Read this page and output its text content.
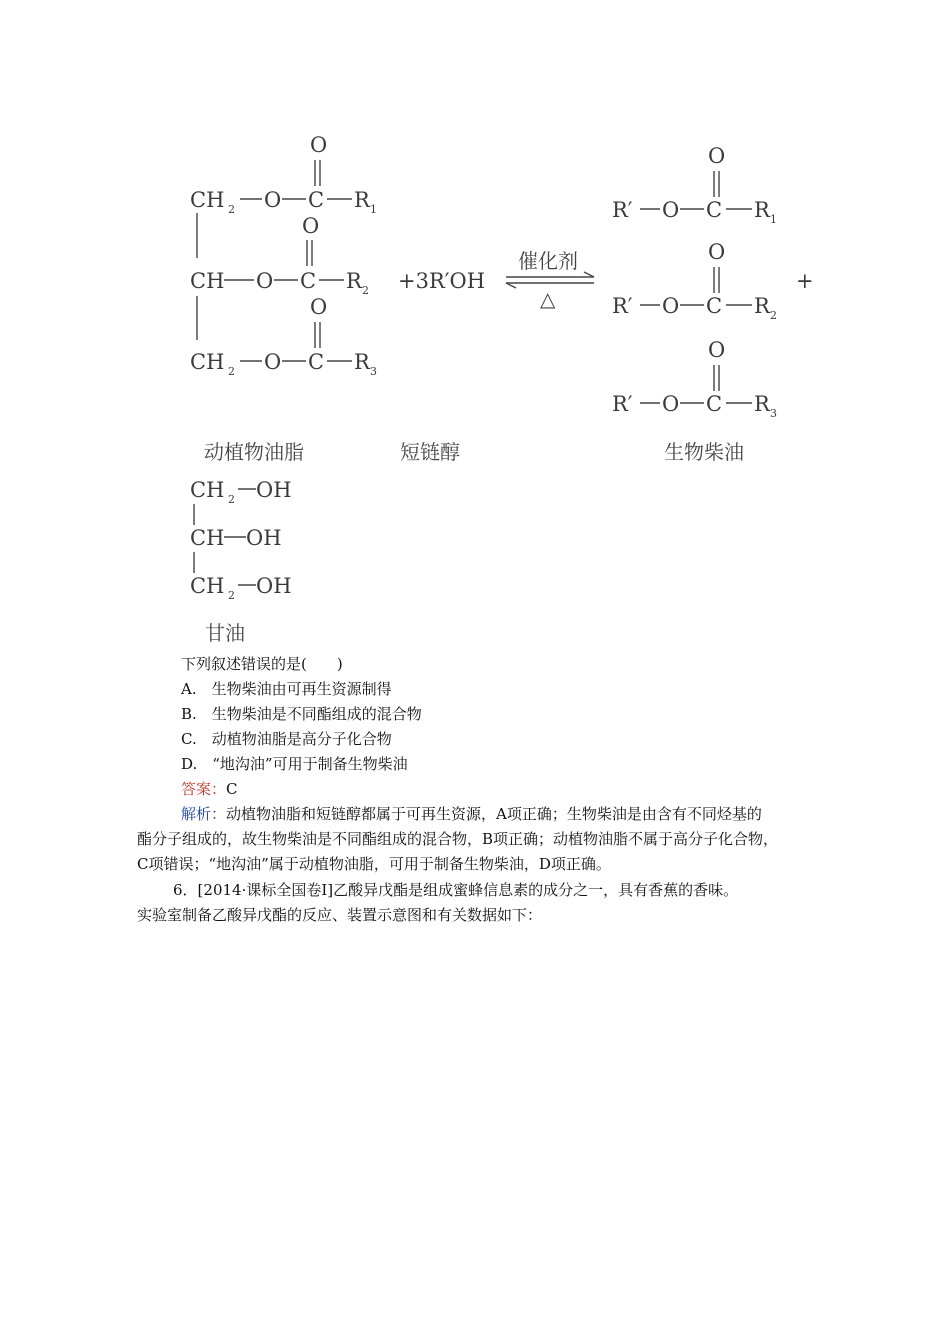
CH 2 O C
O
R 1
CH O C
O
R 2
CH 2 O C
O
R 3
+3R′OH
催化剂
△
O
R′ O C R 1
O
R′ O C R 2
O
R′ O C R 3
+
动植物油脂	短链醇	生物柴油
CH 2 OH
CH OH
CH 2 OH
甘油
下列叙述错误的是(　　)
A.　生物柴油由可再生资源制得
B.　生物柴油是不同酯组成的混合物
C.　动植物油脂是高分子化合物
D.　“地沟油”可用于制备生物柴油
答案：C
解析：动植物油脂和短链醇都属于可再生资源，A项正确；生物柴油是由含有不同烃基的
酯分子组成的，故生物柴油是不同酯组成的混合物，B项正确；动植物油脂不属于高分子化合物，
C项错误；“地沟油”属于动植物油脂，可用于制备生物柴油，D项正确。
6．[2014·课标全国卷Ⅰ]乙酸异戊酯是组成蜜蜂信息素的成分之一，具有香蕉的香味。
实验室制备乙酸异戊酯的反应、装置示意图和有关数据如下：
